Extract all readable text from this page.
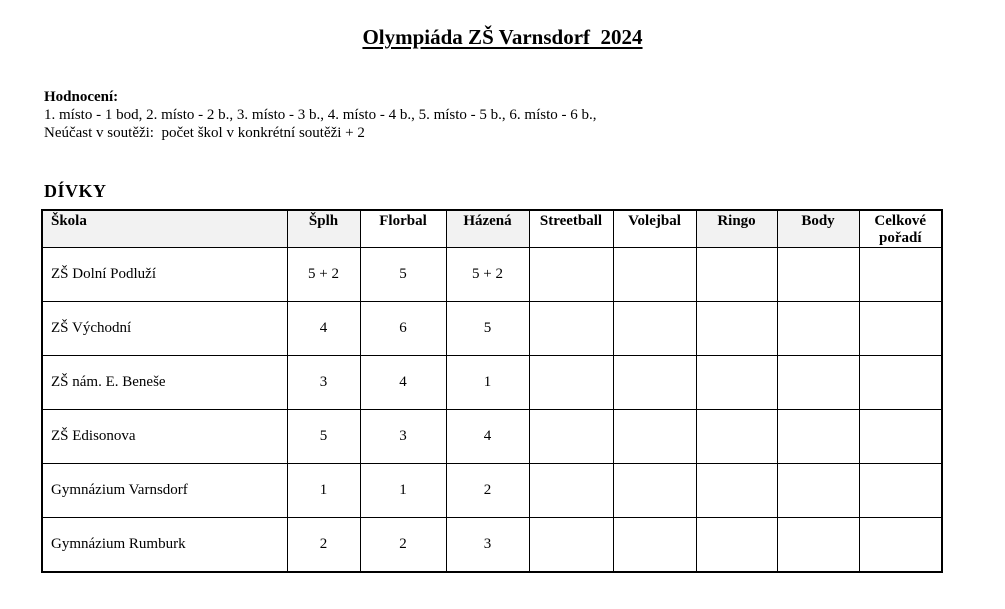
Olympiáda ZŠ Varnsdorf  2024
Hodnocení:
1. místo - 1 bod, 2. místo - 2 b., 3. místo - 3 b., 4. místo - 4 b., 5. místo - 5 b., 6. místo - 6 b.,
Neúčast v soutěži:  počet škol v konkrétní soutěži + 2
DÍVKY
Škola	Šplh	Florbal	Házená	Streetball	Volejbal	Ringo	Body	Celkové pořadí
ZŠ Dolní Podluží	5 + 2	5	5 + 2					
ZŠ Východní	4	6	5					
ZŠ nám. E. Beneše	3	4	1					
ZŠ Edisonova	5	3	4					
Gymnázium Varnsdorf	1	1	2					
Gymnázium Rumburk	2	2	3					
